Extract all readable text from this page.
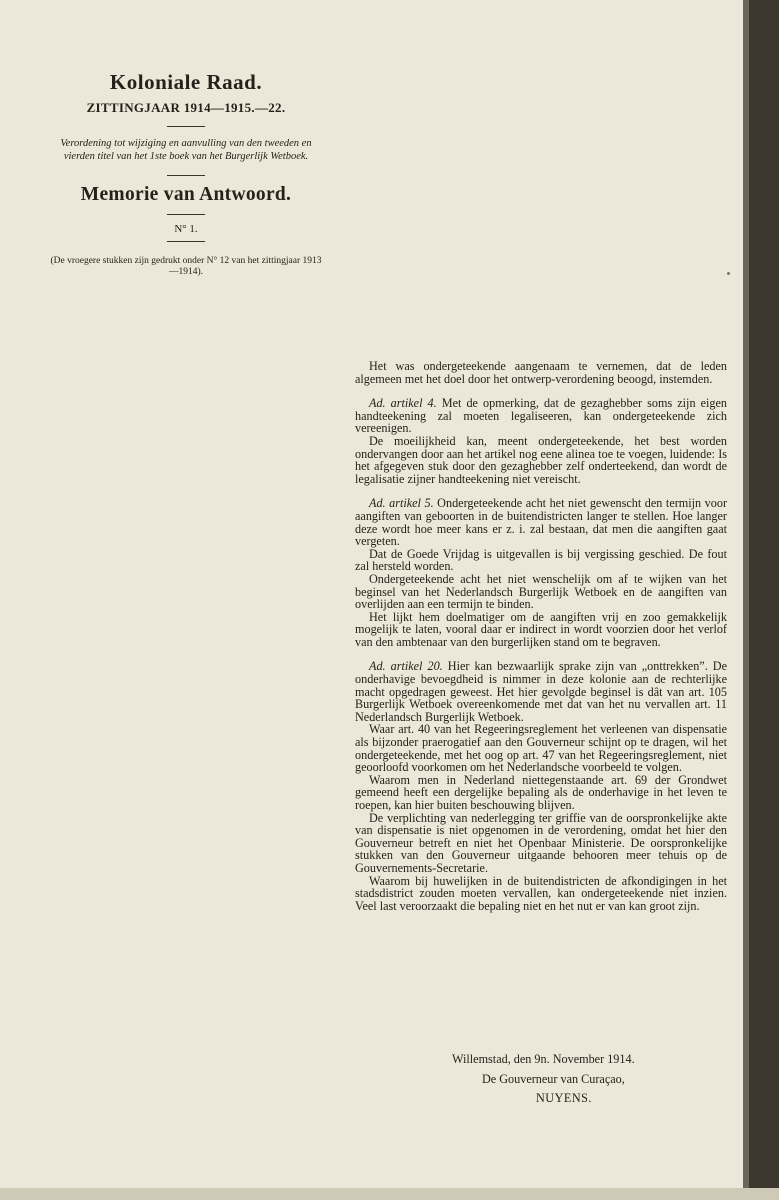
Koloniale Raad.
ZITTINGJAAR 1914—1915.—22.

Verordening tot wijziging en aanvulling van den tweeden en vierden titel van het 1ste boek van het Burgerlijk Wetboek.

Memorie van Antwoord.

N° 1.

(De vroegere stukken zijn gedrukt onder N° 12 van het zittingjaar 1913—1914).

Het was ondergeteekende aangenaam te vernemen, dat de leden algemeen met het doel door het ontwerp-verordening beoogd, instemden.

Ad. artikel 4. Met de opmerking, dat de gezaghebber soms zijn eigen handteekening zal moeten legaliseeren, kan ondergeteekende zich vereenigen.

De moeilijkheid kan, meent ondergeteekende, het best worden ondervangen door aan het artikel nog eene alinea toe te voegen, luidende: Is het afgegeven stuk door den gezaghebber zelf onderteekend, dan wordt de legalisatie zijner handteekening niet vereischt.

Ad. artikel 5. Ondergeteekende acht het niet gewenscht den termijn voor aangiften van geboorten in de buitendistricten langer te stellen. Hoe langer deze wordt hoe meer kans er z. i. zal bestaan, dat men die aangiften gaat vergeten.

Dat de Goede Vrijdag is uitgevallen is bij vergissing geschied. De fout zal hersteld worden.

Ondergeteekende acht het niet wenschelijk om af te wijken van het beginsel van het Nederlandsch Burgerlijk Wetboek en de aangiften van overlijden aan een termijn te binden.

Het lijkt hem doelmatiger om de aangiften vrij en zoo gemakkelijk mogelijk te laten, vooral daar er indirect in wordt voorzien door het verlof van den ambtenaar van den burgerlijken stand om te begraven.

Ad. artikel 20. Hier kan bezwaarlijk sprake zijn van „onttrekken”. De onderhavige bevoegdheid is nimmer in deze kolonie aan de rechterlijke macht opgedragen geweest. Het hier gevolgde beginsel is dât van art. 105 Burgerlijk Wetboek overeenkomende met dat van het nu vervallen art. 11 Nederlandsch Burgerlijk Wetboek.

Waar art. 40 van het Regeeringsreglement het verleenen van dispensatie als bijzonder praerogatief aan den Gouverneur schijnt op te dragen, wil het ondergeteekende, met het oog op art. 47 van het Regeeringsreglement, niet geoorloofd voorkomen om het Nederlandsche voorbeeld te volgen.

Waarom men in Nederland niettegenstaande art. 69 der Grondwet gemeend heeft een dergelijke bepaling als de onderhavige in het leven te roepen, kan hier buiten beschouwing blijven.

De verplichting van nederlegging ter griffie van de oorspronkelijke akte van dispensatie is niet opgenomen in de verordening, omdat het hier den Gouverneur betreft en niet het Openbaar Ministerie. De oorspronkelijke stukken van den Gouverneur uitgaande behooren meer tehuis op de Gouvernements-Secretarie.

Waarom bij huwelijken in de buitendistricten de afkondigingen in het stadsdistrict zouden moeten vervallen, kan ondergeteekende niet inzien. Veel last veroorzaakt die bepaling niet en het nut er van kan groot zijn.

Willemstad, den 9n. November 1914.
De Gouverneur van Curaçao,
NUYENS.
